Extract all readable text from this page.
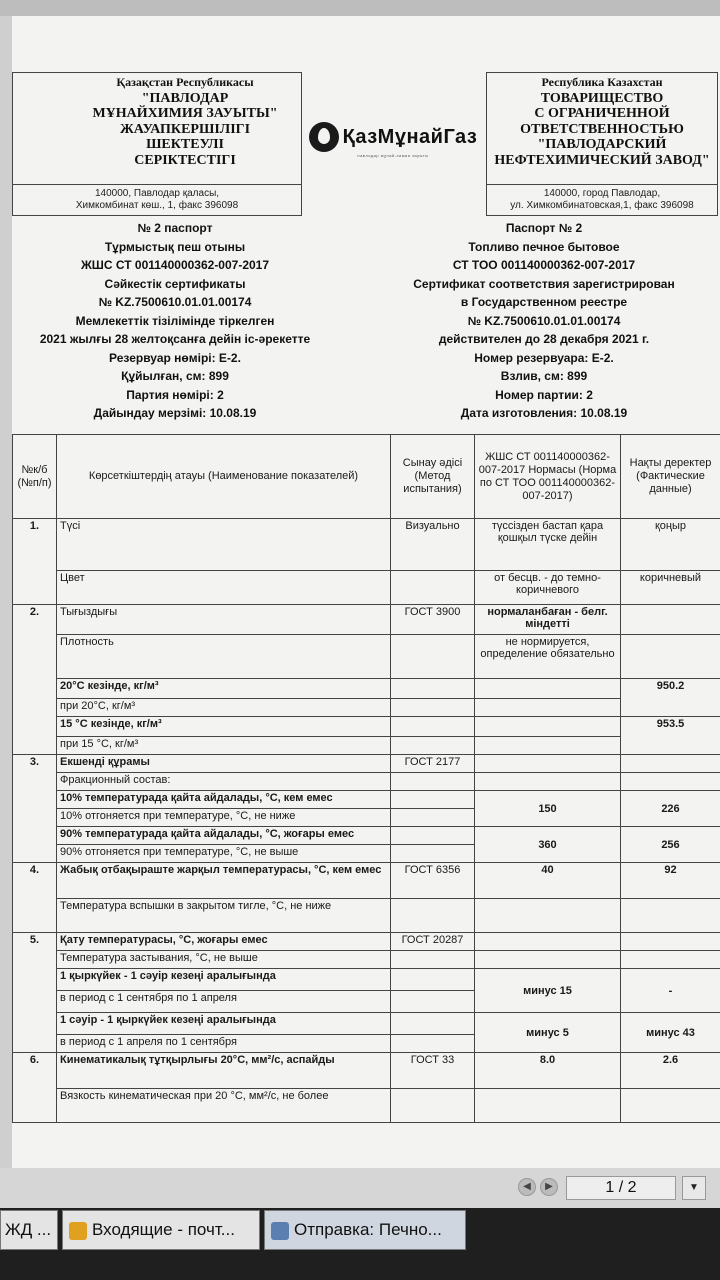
Қазақстан Республикасы
"ПАВЛОДАР
МҰНАЙХИМИЯ ЗАУЫТЫ"
ЖАУАПКЕРШІЛІГІ
ШЕКТЕУЛІ
СЕРІКТЕСТІГІ
ҚазМұнайГаз
павлодар мұнай-химия зауыты
Республика Казахстан
ТОВАРИЩЕСТВО
С ОГРАНИЧЕННОЙ
ОТВЕТСТВЕННОСТЬЮ
"ПАВЛОДАРСКИЙ
НЕФТЕХИМИЧЕСКИЙ ЗАВОД"
140000, Павлодар қаласы,
Химкомбинат көш., 1, факс 396098
140000, город Павлодар,
ул. Химкомбинатовская,1, факс 396098
№ 2 паспорт
Тұрмыстық пеш отыны
ЖШС СТ 001140000362-007-2017
Сәйкестік сертификаты
№ KZ.7500610.01.01.00174
Мемлекеттік тізілімінде тіркелген
2021 жылғы 28 желтоқсанға дейін іс-әрекетте
Резервуар нөмірі: Е-2.
Құйылған, см: 899
Партия нөмірі: 2
Дайындау мерзімі: 10.08.19
Паспорт № 2
Топливо печное бытовое
СТ ТОО 001140000362-007-2017
Сертификат соответствия зарегистрирован
в Государственном реестре
№ KZ.7500610.01.01.00174
действителен до 28 декабря 2021 г.
Номер резервуара: Е-2.
Взлив, см: 899
Номер партии: 2
Дата изготовления: 10.08.19
№к/б (№п/п)	Көрсеткіштердің атауы (Наименование показателей)	Сынау әдісі (Метод испытания)	ЖШС СТ 001140000362-007-2017 Нормасы (Норма по СТ ТОО 001140000362-007-2017)	Нақты деректер (Фактические данные)
1.	Түсі	Визуально	түссізден бастап қара қошқыл түске дейін	қоңыр
	Цвет		от бесцв. - до темно-коричневого	коричневый
2.	Тығыздығы	ГОСТ 3900	нормаланбаған - белг. міндетті	
	Плотность		не нормируется, определение обязательно	
	20°С кезінде, кг/м³			950.2
	при 20°С, кг/м³			
	15 °С кезінде, кг/м³			953.5
	при 15 °С, кг/м³			
3.	Екшенді құрамы	ГОСТ 2177		
	Фракционный состав:			
	10% температурада қайта айдалады, °С, кем емес		150	226
	10% отгоняется при температуре, °С, не ниже			
	90% температурада қайта айдалады, °С, жоғары емес		360	256
	90% отгоняется при температуре, °С, не выше			
4.	Жабық отбақыраште жарқыл температурасы, °С, кем емес	ГОСТ 6356	40	92
	Температура вспышки в закрытом тигле, °С, не ниже			
5.	Қату температурасы, °С, жоғары емес	ГОСТ 20287		
	Температура застывания, °С, не выше			
	1 қыркүйек - 1 сәуір кезеңі аралығында		минус 15	-
	в период с 1 сентября по 1 апреля			
	1 сәуір - 1 қыркүйек кезеңі аралығында		минус 5	минус 43
	в период с 1 апреля по 1 сентября			
6.	Кинематикалық тұтқырлығы 20°С, мм²/с, аспайды	ГОСТ 33	8.0	2.6
	Вязкость кинематическая при 20 °С, мм²/с, не более			
◀	▶	1 / 2	▼
ЖД ...	Входящие - почт...	Отправка: Печно...
